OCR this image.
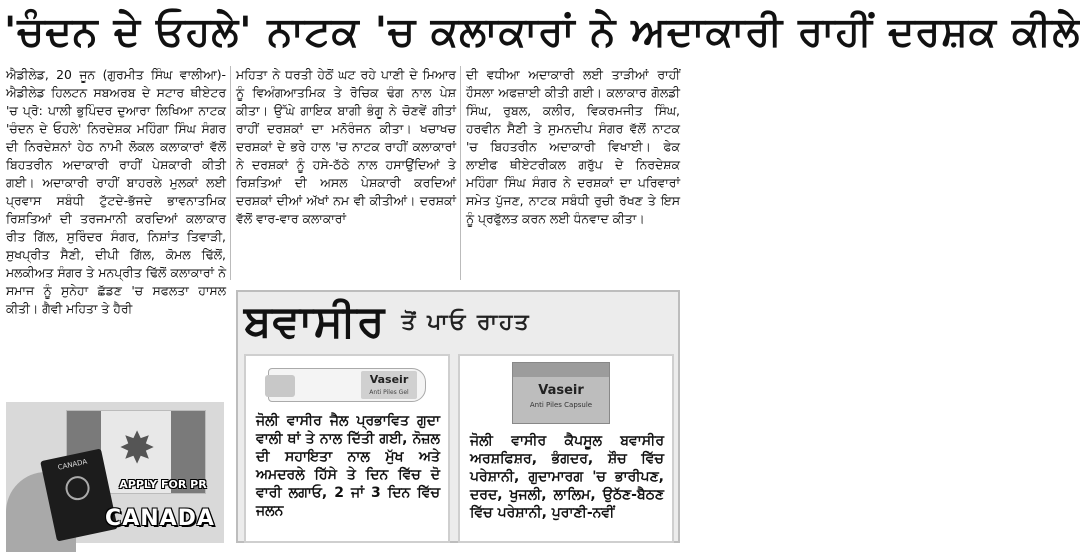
'ਚੰਦਨ ਦੇ ਓਹਲੇ' ਨਾਟਕ 'ਚ ਕਲਾਕਾਰਾਂ ਨੇ ਅਦਾਕਾਰੀ ਰਾਹੀਂ ਦਰਸ਼ਕ ਕੀਲੇ
ਐਡੀਲੇਡ, 20 ਜੂਨ (ਗੁਰਮੀਤ ਸਿੰਘ ਵਾਲੀਆ)-ਐਡੀਲੇਡ ਹਿਲਟਨ ਸਬਅਰਬ ਦੇ ਸਟਾਰ ਥੀਏਟਰ 'ਚ ਪ੍ਰੋ: ਪਾਲੀ ਭੁਪਿੰਦਰ ਦੁਆਰਾ ਲਿਖਿਆ ਨਾਟਕ 'ਚੰਦਨ ਦੇ ਓਹਲੇ' ਨਿਰਦੇਸ਼ਕ ਮਹਿੰਗਾ ਸਿੰਘ ਸੰਗਰ ਦੀ ਨਿਰਦੇਸ਼ਨਾਂ ਹੇਠ ਨਾਮੀ ਲੋਕਲ ਕਲਾਕਾਰਾਂ ਵੱਲੋਂ ਬਿਹਤਰੀਨ ਅਦਾਕਾਰੀ ਰਾਹੀਂ ਪੇਸ਼ਕਾਰੀ ਕੀਤੀ ਗਈ। ਅਦਾਕਾਰੀ ਰਾਹੀਂ ਬਾਹਰਲੇ ਮੁਲਕਾਂ ਲਈ ਪ੍ਰਵਾਸ ਸਬੰਧੀ ਟੁੱਟਦੇ-ਭੱਜਦੇ ਭਾਵਨਾਤਮਿਕ ਰਿਸ਼ਤਿਆਂ ਦੀ ਤਰਜਮਾਨੀ ਕਰਦਿਆਂ ਕਲਾਕਾਰ ਰੀਤ ਗਿੱਲ, ਸੁਰਿੰਦਰ ਸੰਗਰ, ਨਿਸ਼ਾਂਤ ਤਿਵਾੜੀ, ਸੁਖਪ੍ਰੀਤ ਸੈਣੀ, ਦੀਪੀ ਗਿੱਲ, ਕੋਮਲ ਢਿੱਲੋਂ, ਮਲਕੀਅਤ ਸੰਗਰ ਤੇ ਮਨਪ੍ਰੀਤ ਢਿੱਲੋਂ ਕਲਾਕਾਰਾਂ ਨੇ ਸਮਾਜ ਨੂੰ ਸੁਨੇਹਾ ਛੱਡਣ 'ਚ ਸਫਲਤਾ ਹਾਸਲ ਕੀਤੀ। ਗੈਵੀ ਮਹਿਤਾ ਤੇ ਹੈਰੀ
ਮਹਿਤਾ ਨੇ ਧਰਤੀ ਹੇਠੋਂ ਘਟ ਰਹੇ ਪਾਣੀ ਦੇ ਮਿਆਰ ਨੂੰ ਵਿਅੰਗਆਤਮਿਕ ਤੇ ਰੋਚਿਕ ਢੰਗ ਨਾਲ ਪੇਸ਼ ਕੀਤਾ। ਉੱਘੇ ਗਾਇਕ ਬਾਗੀ ਭੰਗੂ ਨੇ ਚੋਣਵੇਂ ਗੀਤਾਂ ਰਾਹੀਂ ਦਰਸ਼ਕਾਂ ਦਾ ਮਨੋਰੰਜਨ ਕੀਤਾ। ਖਚਾਖਚ ਦਰਸ਼ਕਾਂ ਦੇ ਭਰੇ ਹਾਲ 'ਚ ਨਾਟਕ ਰਾਹੀਂ ਕਲਾਕਾਰਾਂ ਨੇ ਦਰਸ਼ਕਾਂ ਨੂੰ ਹਸੇ-ਠੱਠੇ ਨਾਲ ਹਸਾਉਂਦਿਆਂ ਤੇ ਰਿਸ਼ਤਿਆਂ ਦੀ ਅਸਲ ਪੇਸ਼ਕਾਰੀ ਕਰਦਿਆਂ ਦਰਸ਼ਕਾਂ ਦੀਆਂ ਅੱਖਾਂ ਨਮ ਵੀ ਕੀਤੀਆਂ। ਦਰਸ਼ਕਾਂ ਵੱਲੋਂ ਵਾਰ-ਵਾਰ ਕਲਾਕਾਰਾਂ
ਦੀ ਵਧੀਆ ਅਦਾਕਾਰੀ ਲਈ ਤਾੜੀਆਂ ਰਾਹੀਂ ਹੌਸਲਾ ਅਫਜ਼ਾਈ ਕੀਤੀ ਗਈ। ਕਲਾਕਾਰ ਗੋਲਡੀ ਸਿੰਘ, ਰੁਬਲ, ਕਲੀਰ, ਵਿਕਰਮਜੀਤ ਸਿੰਘ, ਹਰਵੀਨ ਸੈਣੀ ਤੇ ਸੁਮਨਦੀਪ ਸੰਗਰ ਵੱਲੋਂ ਨਾਟਕ 'ਚ ਬਿਹਤਰੀਨ ਅਦਾਕਾਰੀ ਵਿਖਾਈ। ਫੇਕ ਲਾਈਫ ਥੀਏਟਰੀਕਲ ਗਰੁੱਪ ਦੇ ਨਿਰਦੇਸ਼ਕ ਮਹਿੰਗਾ ਸਿੰਘ ਸੰਗਰ ਨੇ ਦਰਸ਼ਕਾਂ ਦਾ ਪਰਿਵਾਰਾਂ ਸਮੇਤ ਪੁੱਜਣ, ਨਾਟਕ ਸਬੰਧੀ ਰੁਚੀ ਰੱਖਣ ਤੇ ਇਸ ਨੂੰ ਪ੍ਰਫੁੱਲਤ ਕਰਨ ਲਈ ਧੰਨਵਾਦ ਕੀਤਾ।
✸
CANADA
APPLY FOR PR
CANADA
ਬਵਾਸੀਰ ਤੋਂ ਪਾਓ ਰਾਹਤ
Vaseir
Anti Piles Gel
ਜੋਲੀ ਵਾਸੀਰ ਜੈਲ ਪ੍ਰਭਾਵਿਤ ਗੁਦਾ ਵਾਲੀ ਥਾਂ ਤੇ ਨਾਲ ਦਿੱਤੀ ਗਈ, ਨੋਜ਼ਲ ਦੀ ਸਹਾਇਤਾ ਨਾਲ ਮੁੱਖ ਅਤੇ ਅਮਦਰਲੇ ਹਿੱਸੇ ਤੇ ਦਿਨ ਵਿੱਚ ਦੋ ਵਾਰੀ ਲਗਾਓ, 2 ਜਾਂ 3 ਦਿਨ ਵਿੱਚ ਜਲਨ
Vaseir
Anti Piles Capsule
ਜੋਲੀ ਵਾਸੀਰ ਕੈਪਸੂਲ ਬਵਾਸੀਰ ਅਰਸ਼ਫਿਸ਼ਰ, ਭੰਗਦਰ, ਸ਼ੌਚ ਵਿੱਚ ਪਰੇਸ਼ਾਨੀ, ਗੁਦਾਮਾਰਗ 'ਚ ਭਾਰੀਪਣ, ਦਰਦ, ਖੁਜਲੀ, ਲਾਲਿਮ, ਉਠੱਣ-ਬੈਠਣ ਵਿੱਚ ਪਰੇਸ਼ਾਨੀ, ਪੁਰਾਣੀ-ਨਵੀਂ
